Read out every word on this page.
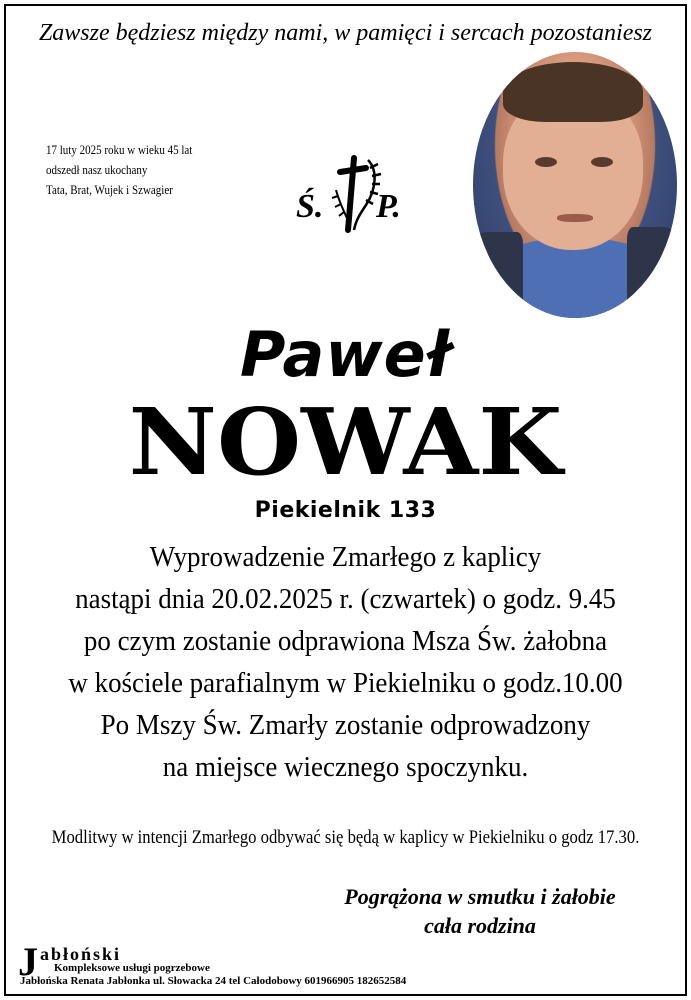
Zawsze będziesz między nami, w pamięci i sercach pozostaniesz
17 luty 2025 roku w wieku 45 lat
odszedł nasz ukochany
Tata, Brat, Wujek i Szwagier	Ś. P.
Paweł
NOWAK
Piekielnik 133
Wyprowadzenie Zmarłego z kaplicy
nastąpi dnia 20.02.2025 r. (czwartek) o godz. 9.45
po czym zostanie odprawiona Msza Św. żałobna
w kościele parafialnym w Piekielniku o godz.10.00
Po Mszy Św. Zmarły zostanie odprowadzony
na miejsce wiecznego spoczynku.
Modlitwy w intencji Zmarłego odbywać się będą w kaplicy w Piekielniku o godz 17.30.
Pogrążona w smutku i żałobie
cała rodzina
J abłoński
Kompleksowe usługi pogrzebowe
Jabłońska Renata Jabłonka ul. Słowacka 24 tel Całodobowy 601966905 182652584
